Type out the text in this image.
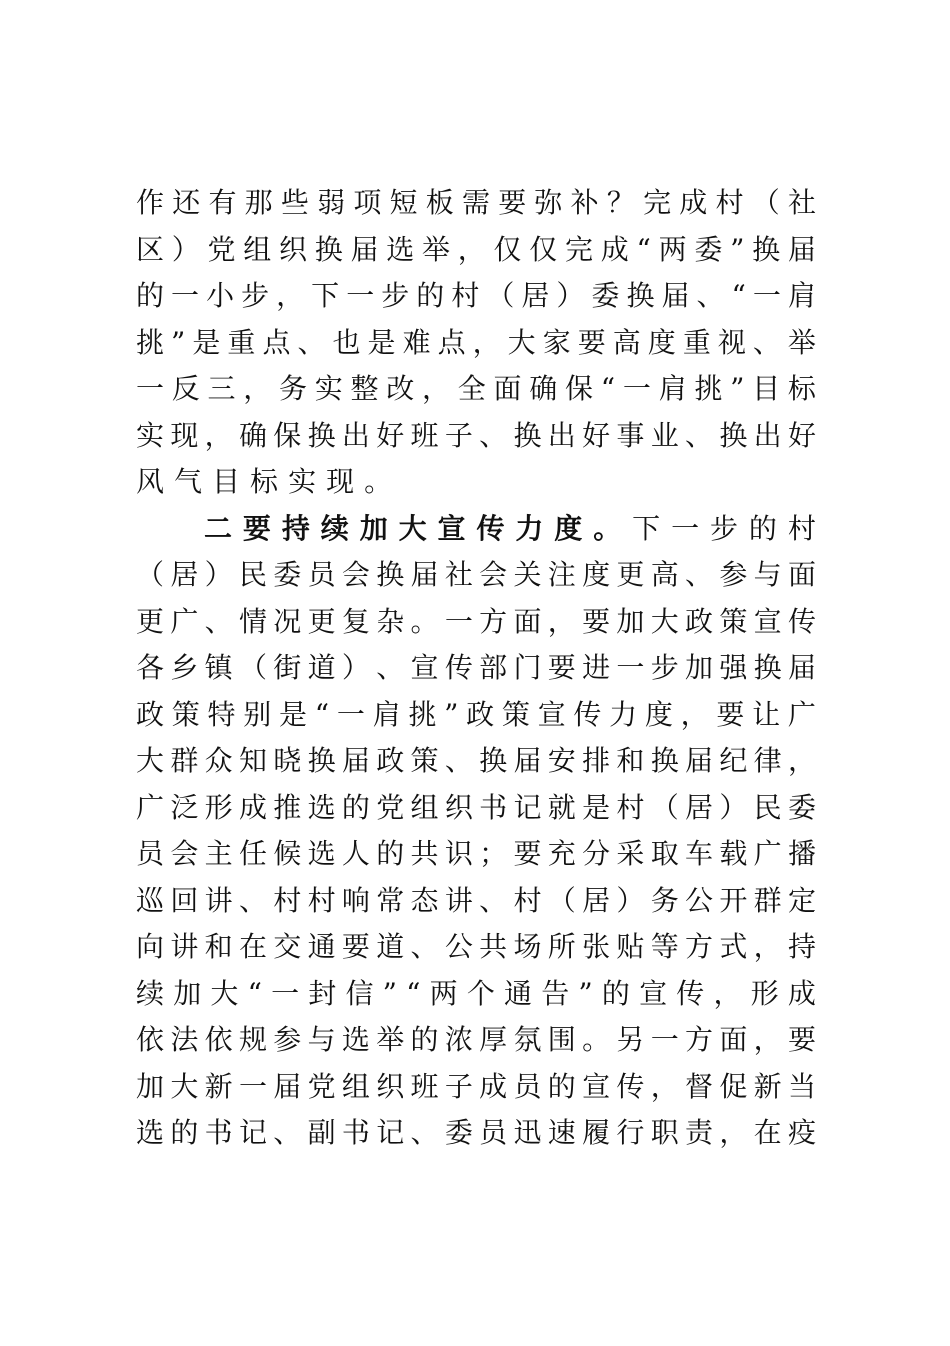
作 还 有 那 些 弱 项 短 板 需 要 弥 补 ？ 完 成 村 （ 社
区 ） 党 组 织 换 届 选 举 ， 仅 仅 完 成 “ 两 委 ” 换 届
的 一 小 步 ， 下 一 步 的 村 （ 居 ） 委 换 届 、 “ 一 肩
挑 ” 是 重 点 、 也 是 难 点 ， 大 家 要 高 度 重 视 、 举
一 反 三 ， 务 实 整 改 ， 全 面 确 保 “ 一 肩 挑 ” 目 标
实 现 ， 确 保 换 出 好 班 子 、 换 出 好 事 业 、 换 出 好
风 气 目 标 实 现 。
二 要 持 续 加 大 宣 传 力 度 。 下 一 步 的 村
（ 居 ） 民 委 员 会 换 届 社 会 关 注 度 更 高 、 参 与 面
更 广 、 情 况 更 复 杂 。 一 方 面 ， 要 加 大 政 策 宣 传
各 乡 镇 （ 街 道 ） 、 宣 传 部 门 要 进 一 步 加 强 换 届
政 策 特 别 是 “ 一 肩 挑 ” 政 策 宣 传 力 度 ， 要 让 广
大 群 众 知 晓 换 届 政 策 、 换 届 安 排 和 换 届 纪 律 ，
广 泛 形 成 推 选 的 党 组 织 书 记 就 是 村 （ 居 ） 民 委
员 会 主 任 候 选 人 的 共 识 ； 要 充 分 采 取 车 载 广 播
巡 回 讲 、 村 村 响 常 态 讲 、 村 （ 居 ） 务 公 开 群 定
向 讲 和 在 交 通 要 道 、 公 共 场 所 张 贴 等 方 式 ， 持
续 加 大 “ 一 封 信 ” “ 两 个 通 告 ” 的 宣 传 ， 形 成
依 法 依 规 参 与 选 举 的 浓 厚 氛 围 。 另 一 方 面 ， 要
加 大 新 一 届 党 组 织 班 子 成 员 的 宣 传 ， 督 促 新 当
选 的 书 记 、 副 书 记 、 委 员 迅 速 履 行 职 责 ， 在 疫
